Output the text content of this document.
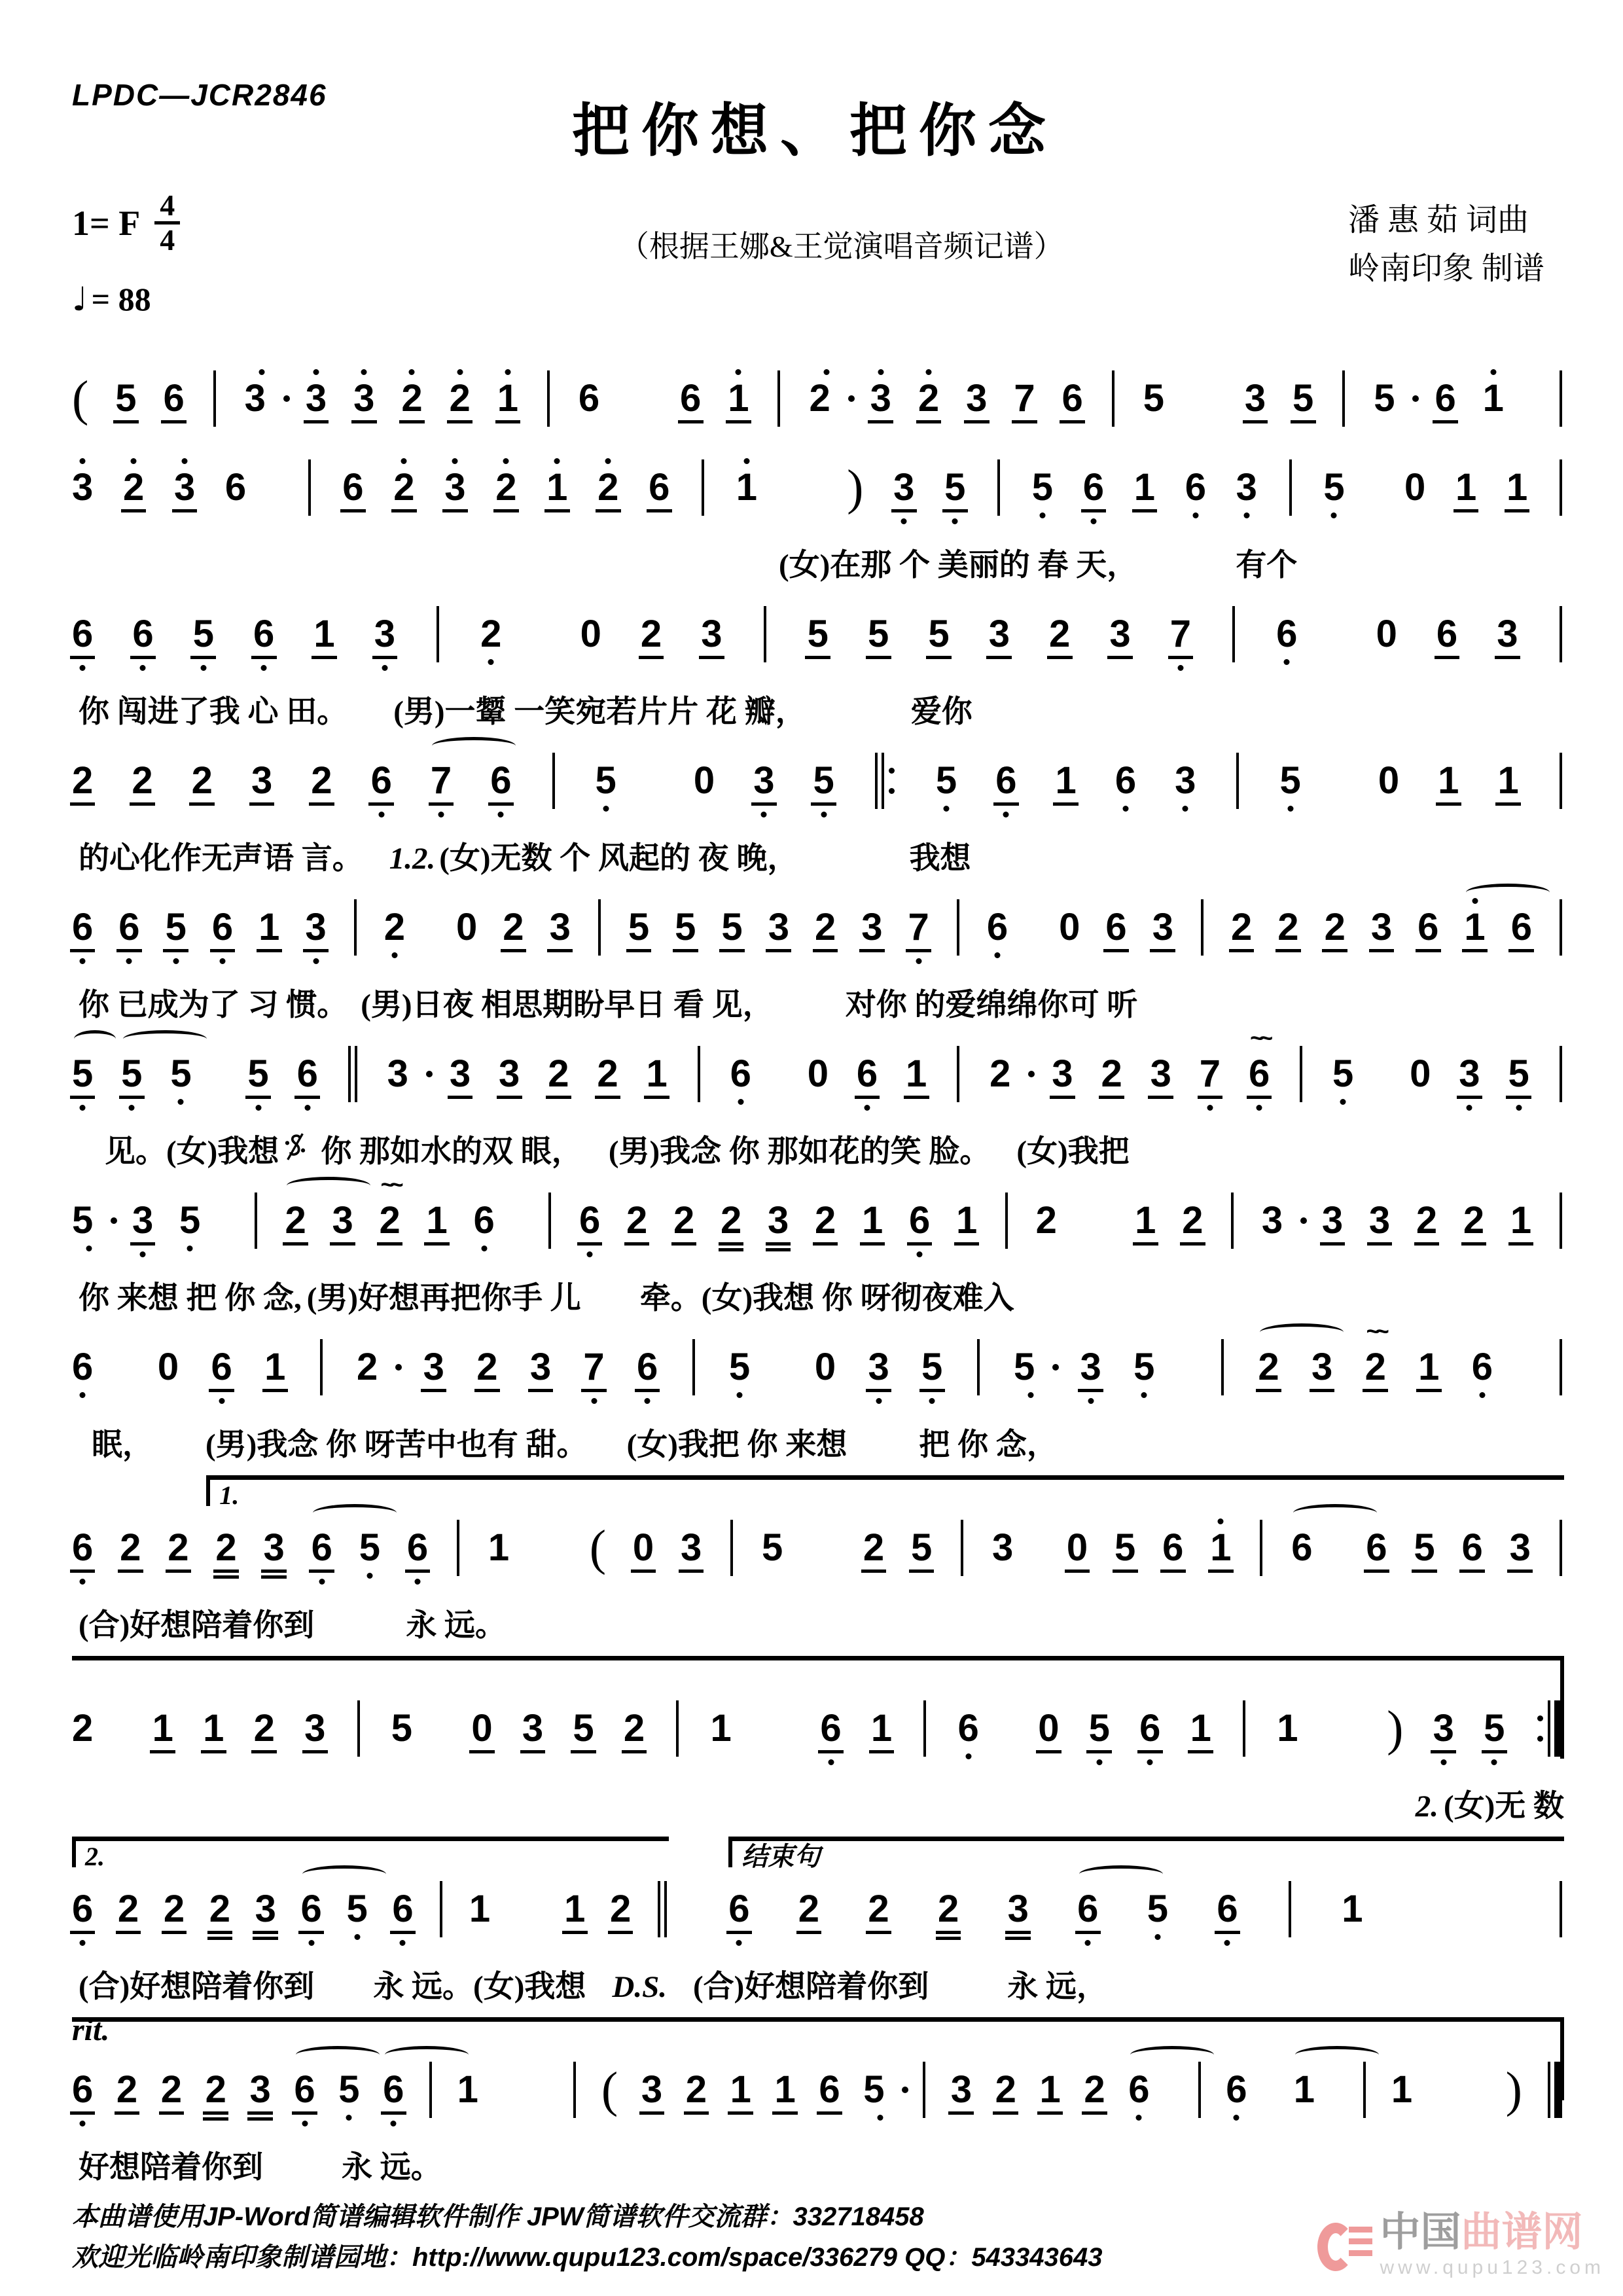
LPDC—JCR2846
把你想、把你念
1= F $\frac{4}{4}$
♩ = 88
（根据王娜&王觉演唱音频记谱）
潘 惠 茹 词曲
岭南印象 制谱
( 5 6 3	3 3 2 2 1 6 6 1 2	3 2 3 7 6 5 3 5 5	6 1
3 2 3 6	6 2 3 2 1 2 6 1 ) 3 5 5 6 1 6 3 5 0 1 1
(女)在那 个 美丽的 春 天，	有个
6 6 5 6 1 3 2 0 2 3 5 5 5 3 2 3 7 6 0 6 3
你 闯进了我 心 田。 (男)一颦 一笑宛若片片 花 瓣，	爱你
2 2 2 3 2 6 7 6 5 0 3 5	5 6 1 6 3 5 0 1 1
的心化作无声语 言。 1.2. (女)无数 个 风起的 夜 晚，	我想
6 6 5 6 1 3 2 0 2 3 5 5 5 3 2 3 7 6 0 6 3 2 2 2 3 6 1 6
你 已成为了 习 惯。 (男)日夜 相思期盼早日 看 见， 对你 的爱绵绵你可 听
5 5 5 5 6 3	3 3 2 2 1 6 0 6 1 2	3 2 3 7 6
~~
5 0 3 5
见。(女)我想 你 那如水的双 眼， (男)我念 你 那如花的笑 脸。 (女)我把
5	3 5 2 3 2
~~
1 6 6 2 2 2 3 2 1 6 1 2 1 2 3	3 3 2 2 1
你 来想 把 你 念, (男)好想再把你手 儿 牵。(女)我想 你 呀彻夜难入
6 0 6 1 2	3 2 3 7 6 5 0 3 5 5	3 5	2 3 2
~~
1 6
眠， (男)我念 你 呀苦中也有 甜。 (女)我把 你 来想 把 你 念，
1.
6 2 2 2 3 6 5 6 1 ( 0 3 5 2 5 3 0 5 6 1 6 6 5 6 3
(合)好想陪着你到	永 远。
2 1 1 2 3 5 0 3 5 2 1 6 1 6 0 5 6 1 1 ) 3 5
2. (女)无 数
2.
6 2 2 2 3 6 5 6 1 1 2
结束句
6 2 2 2 3 6 5 6	1
(合)好想陪着你到 永 远。(女)我想 D.S. (合)好想陪着你到	永 远，
rit.
6 2 2 2 3 6 5 6 1 ( 3 2 1 1 6 5	3 2 1 2 6 6 1 1 )
好想陪着你到	永 远。
本曲谱使用JP-Word简谱编辑软件制作 JPW简谱软件交流群：332718458
欢迎光临岭南印象制谱园地：http://www.qupu123.com/space/336279 QQ：543343643
中国曲谱网
www.qupu123.com
